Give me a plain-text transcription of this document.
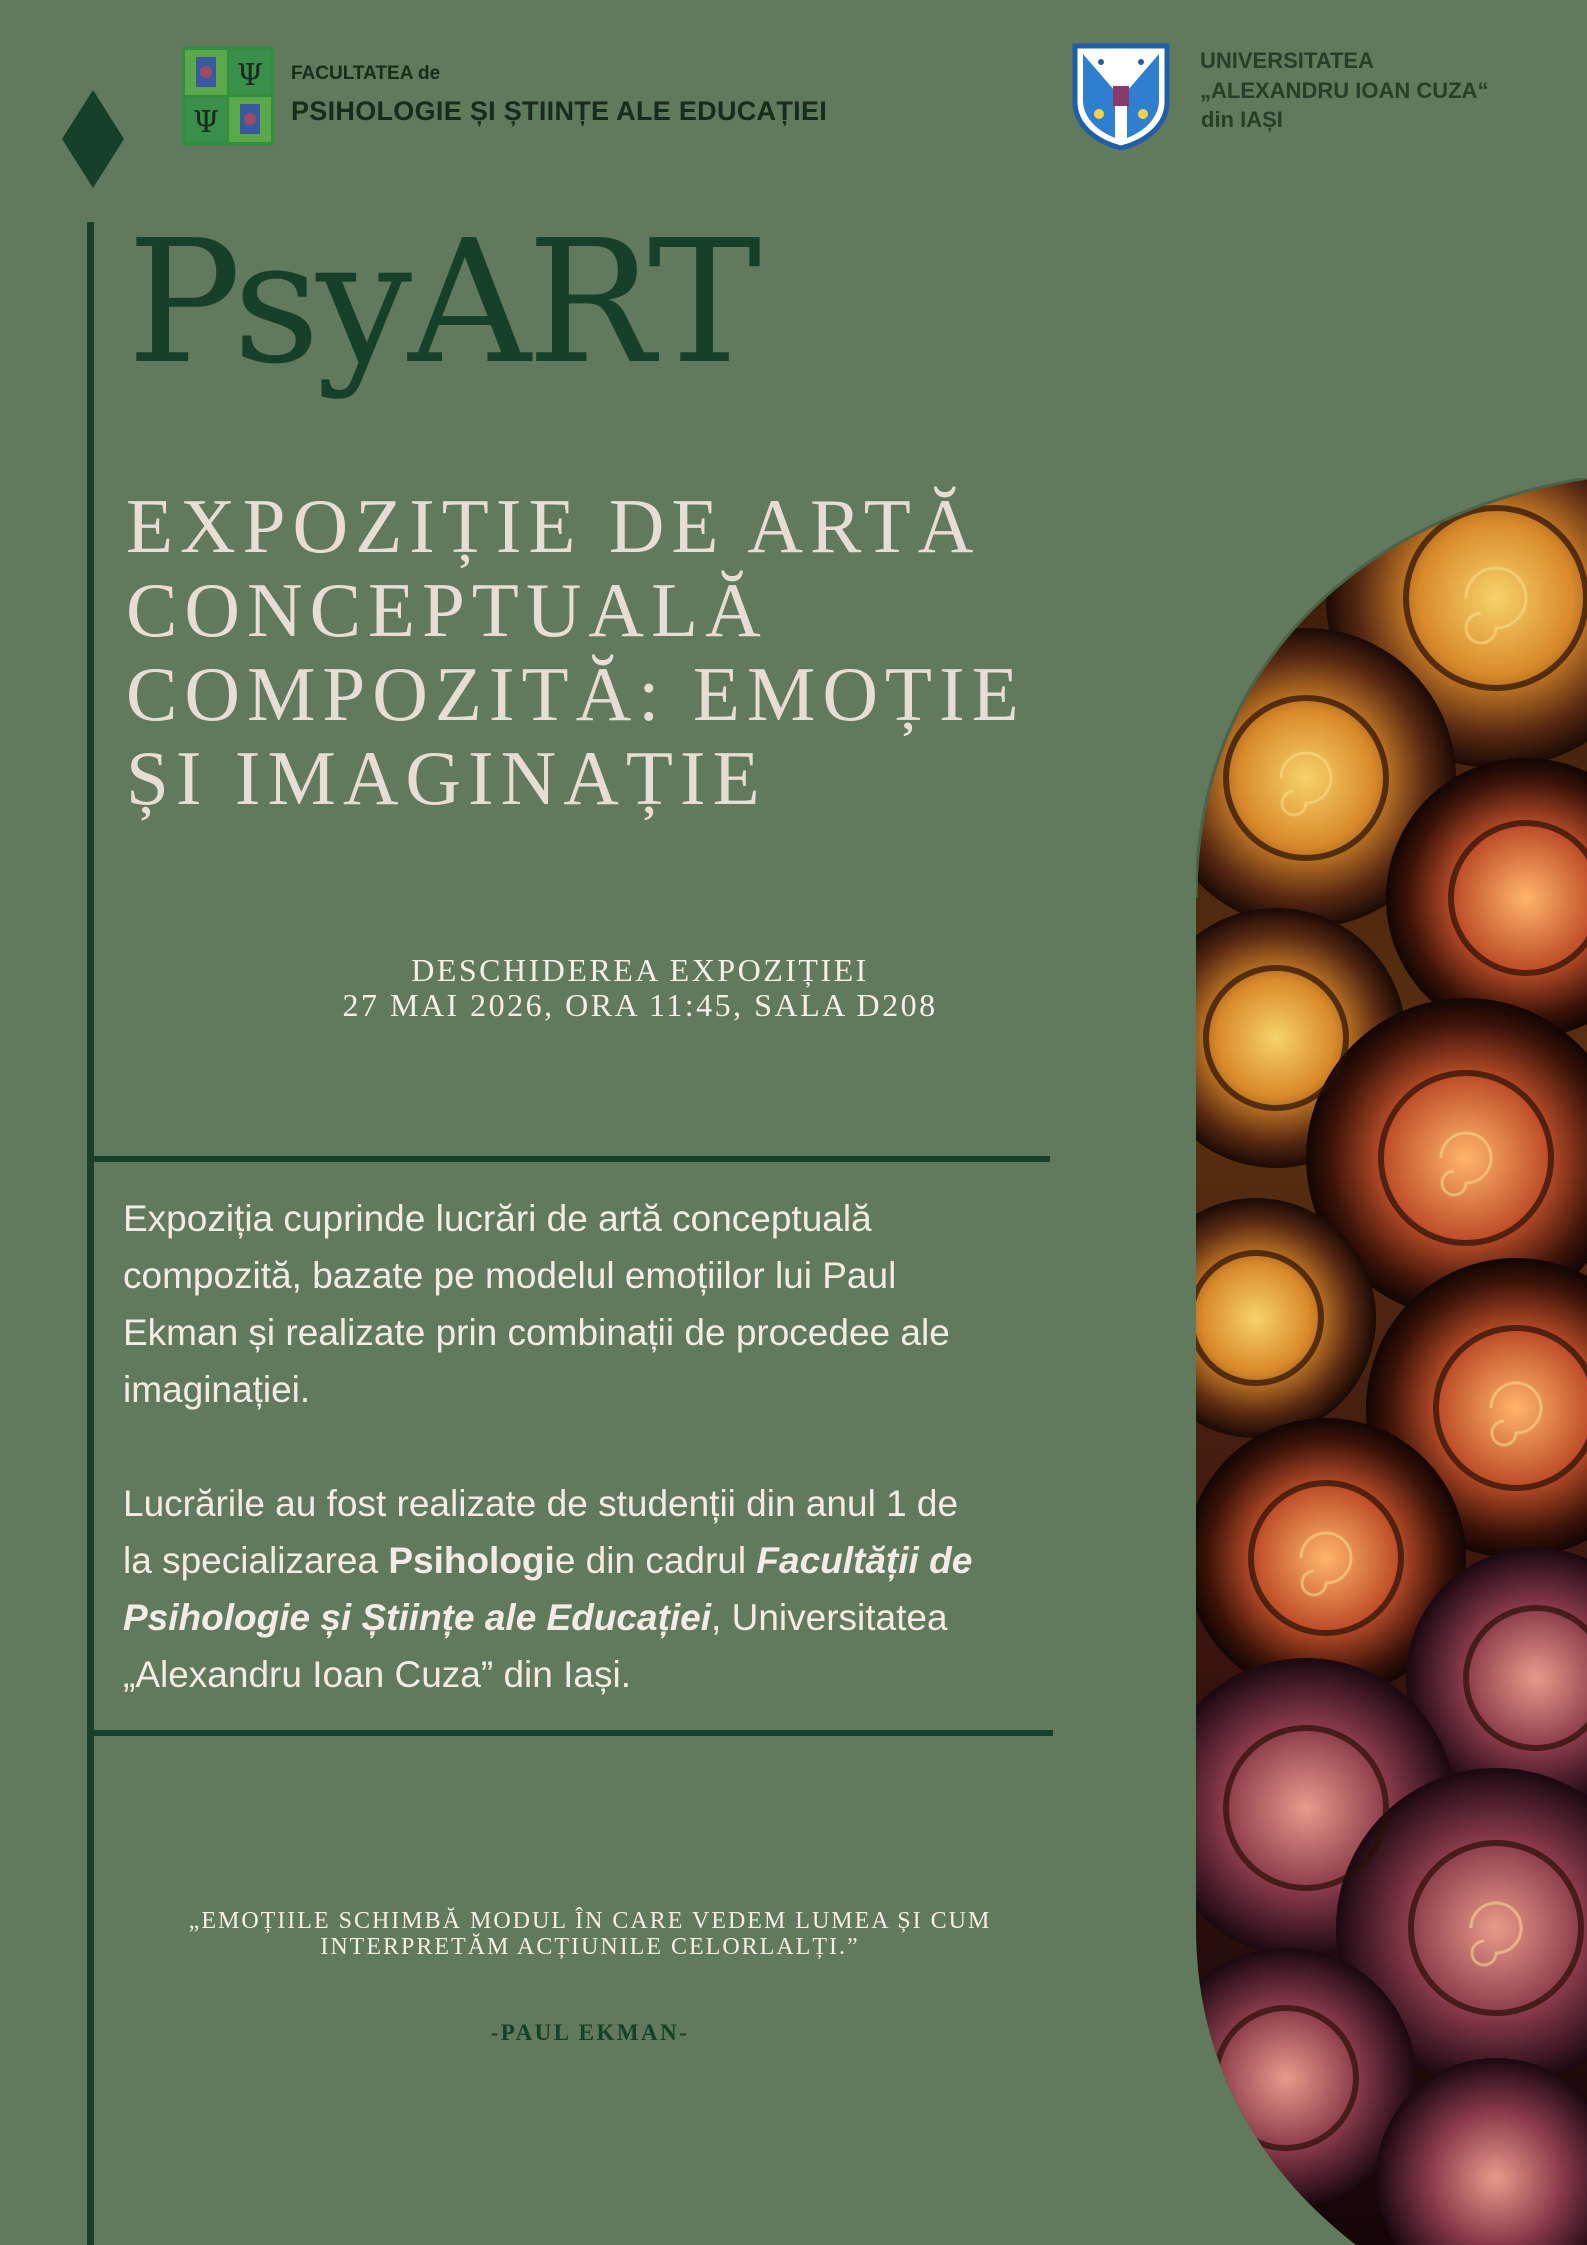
Ψ
Ψ
FACULTATEA de
PSIHOLOGIE ȘI ȘTIINȚE ALE EDUCAȚIEI
UNIVERSITATEA
„ALEXANDRU IOAN CUZA“
din IAȘI
PsyART
EXPOZIȚIE DE ARTĂ
CONCEPTUALĂ
COMPOZITĂ: EMOȚIE
ȘI IMAGINAȚIE
DESCHIDEREA EXPOZIȚIEI
27 MAI 2026, ORA 11:45, SALA D208
Expoziția cuprinde lucrări de artă conceptuală
compozită, bazate pe modelul emoțiilor lui Paul
Ekman și realizate prin combinații de procedee ale
imaginației.
Lucrările au fost realizate de studenții din anul 1 de
la specializarea Psihologie din cadrul Facultății de
Psihologie și Științe ale Educației, Universitatea
„Alexandru Ioan Cuza” din Iași.
„EMOȚIILE SCHIMBĂ MODUL ÎN CARE VEDEM LUMEA ȘI CUM
INTERPRETĂM ACȚIUNILE CELORLALȚI.”
-PAUL EKMAN-
